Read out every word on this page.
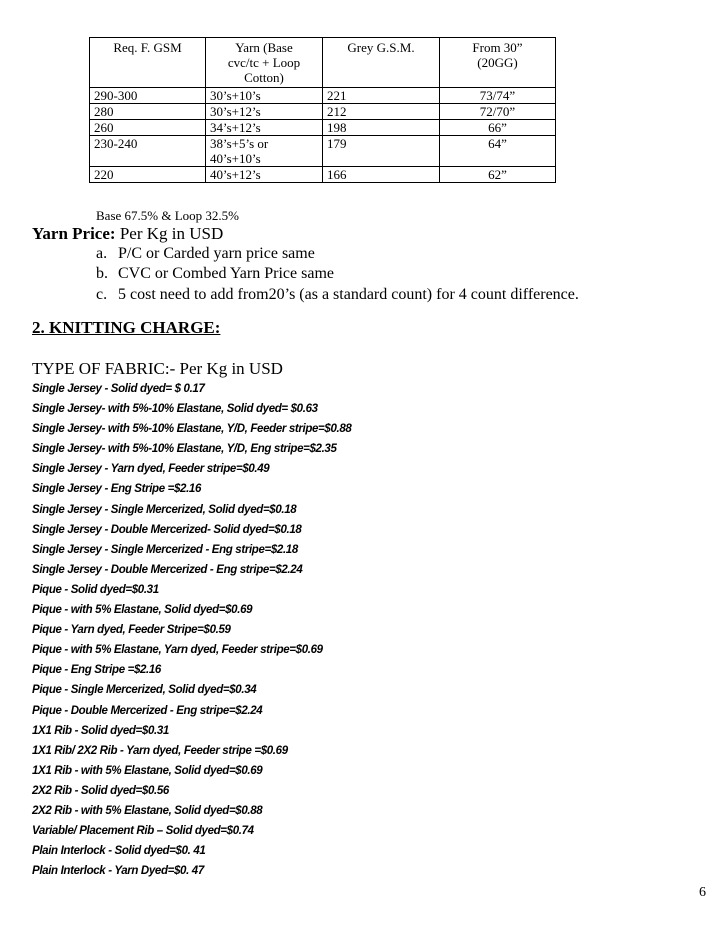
Req. F. GSM	Yarn (Base
cvc/tc + Loop
Cotton)	Grey G.S.M.	From 30”
(20GG)
290-300	30’s+10’s	221	73/74”
280	30’s+12’s	212	72/70”
260	34’s+12’s	198	66”
230-240	38’s+5’s or
40’s+10’s	179	64”
220	40’s+12’s	166	62”
Base 67.5% & Loop 32.5%
Yarn Price: Per Kg in USD
a. P/C or Carded yarn price same
b. CVC or Combed Yarn Price same
c. 5 cost need to add from20’s (as a standard count) for 4 count difference.
2. KNITTING CHARGE:
TYPE OF FABRIC:- Per Kg in USD
Single Jersey - Solid dyed= $ 0.17
Single Jersey- with 5%-10% Elastane, Solid dyed= $0.63
Single Jersey- with 5%-10% Elastane, Y/D, Feeder stripe=$0.88
Single Jersey- with 5%-10% Elastane, Y/D, Eng stripe=$2.35
Single Jersey - Yarn dyed, Feeder stripe=$0.49
Single Jersey - Eng Stripe =$2.16
Single Jersey - Single Mercerized, Solid dyed=$0.18
Single Jersey - Double Mercerized- Solid dyed=$0.18
Single Jersey - Single Mercerized - Eng stripe=$2.18
Single Jersey - Double Mercerized - Eng stripe=$2.24
Pique - Solid dyed=$0.31
Pique - with 5% Elastane, Solid dyed=$0.69
Pique - Yarn dyed, Feeder Stripe=$0.59
Pique - with 5% Elastane, Yarn dyed, Feeder stripe=$0.69
Pique - Eng Stripe =$2.16
Pique - Single Mercerized, Solid dyed=$0.34
Pique - Double Mercerized - Eng stripe=$2.24
1X1 Rib - Solid dyed=$0.31
1X1 Rib/ 2X2 Rib - Yarn dyed, Feeder stripe =$0.69
1X1 Rib - with 5% Elastane, Solid dyed=$0.69
2X2 Rib - Solid dyed=$0.56
2X2 Rib - with 5% Elastane, Solid dyed=$0.88
Variable/ Placement Rib – Solid dyed=$0.74
Plain Interlock - Solid dyed=$0. 41
Plain Interlock - Yarn Dyed=$0. 47
6
